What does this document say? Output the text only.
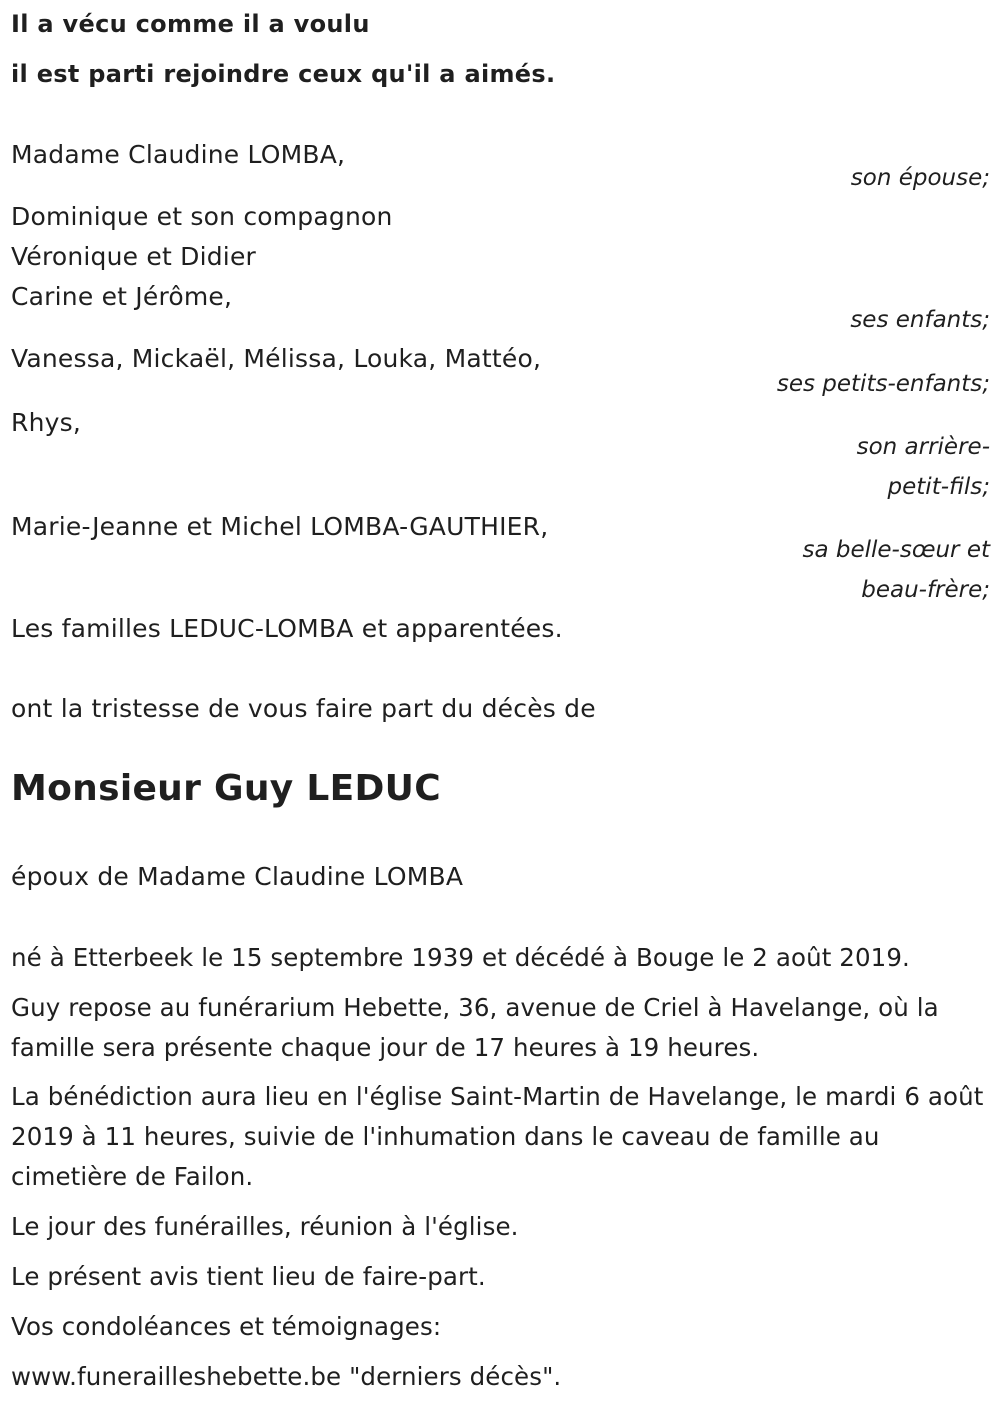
Il a vécu comme il a voulu
il est parti rejoindre ceux qu'il a aimés.
Madame Claudine LOMBA,
son épouse;
Dominique et son compagnon
Véronique et Didier
Carine et Jérôme,
ses enfants;
Vanessa, Mickaël, Mélissa, Louka, Mattéo,
ses petits-enfants;
Rhys,
son arrière-
petit-fils;
Marie-Jeanne et Michel LOMBA-GAUTHIER,
sa belle-sœur et
beau-frère;
Les familles LEDUC-LOMBA et apparentées.
ont la tristesse de vous faire part du décès de
Monsieur Guy LEDUC
époux de Madame Claudine LOMBA
né à Etterbeek le 15 septembre 1939 et décédé à Bouge le 2 août 2019.
Guy repose au funérarium Hebette, 36, avenue de Criel à Havelange, où la famille sera présente chaque jour de 17 heures à 19 heures.
La bénédiction aura lieu en l'église Saint-Martin de Havelange, le mardi 6 août 2019 à 11 heures, suivie de l'inhumation dans le caveau de famille au cimetière de Failon.
Le jour des funérailles, réunion à l'église.
Le présent avis tient lieu de faire-part.
Vos condoléances et témoignages:
www.funerailleshebette.be "derniers décès".
